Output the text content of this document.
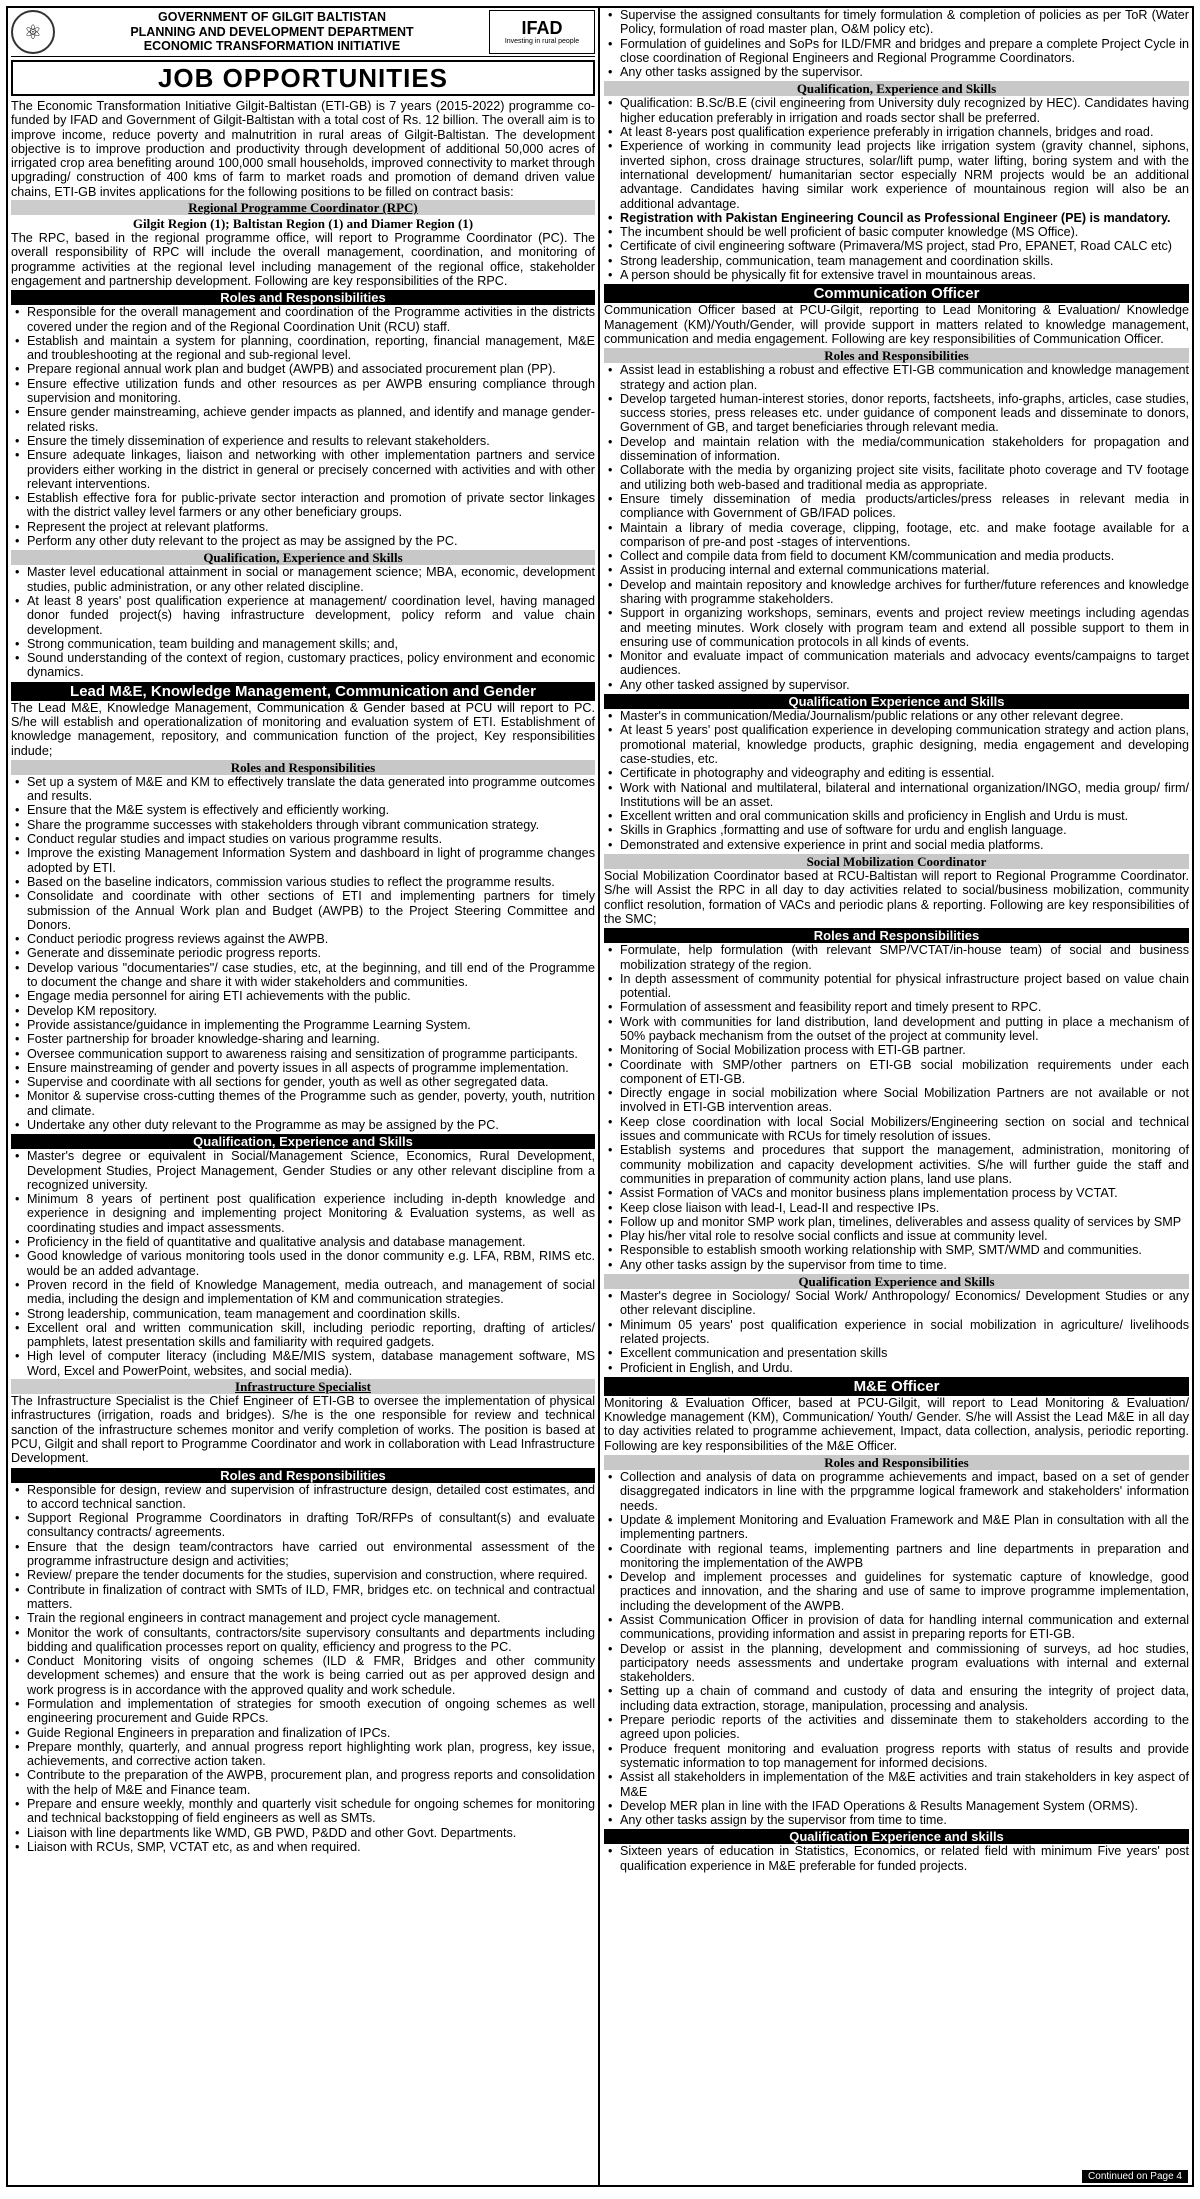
⚛
GOVERNMENT OF GILGIT BALTISTAN
PLANNING AND DEVELOPMENT DEPARTMENT
ECONOMIC TRANSFORMATION INITIATIVE
IFAD
Investing in rural people
JOB OPPORTUNITIES

The Economic Transformation Initiative Gilgit-Baltistan (ETI-GB) is 7 years (2015-2022) programme co-funded by IFAD and Government of Gilgit-Baltistan with a total cost of Rs. 12 billion. The overall aim is to improve income, reduce poverty and malnutrition in rural areas of Gilgit-Baltistan. The development objective is to improve production and productivity through development of additional 50,000 acres of irrigated crop area benefiting around 100,000 small households, improved connectivity to market through upgrading/ construction of 400 kms of farm to market roads and promotion of demand driven value chains, ETI-GB invites applications for the following positions to be filled on contract basis:

Regional Programme Coordinator (RPC)
Gilgit Region (1); Baltistan Region (1) and Diamer Region (1)

The RPC, based in the regional programme office, will report to Programme Coordinator (PC). The overall responsibility of RPC will include the overall management, coordination, and monitoring of programme activities at the regional level including management of the regional office, stakeholder engagement and partnership development. Following are key responsibilities of the RPC.

Roles and Responsibilities
• Responsible for the overall management and coordination of the Programme activities in the districts covered under the region and of the Regional Coordination Unit (RCU) staff.
• Establish and maintain a system for planning, coordination, reporting, financial management, M&E and troubleshooting at the regional and sub-regional level.
• Prepare regional annual work plan and budget (AWPB) and associated procurement plan (PP).
• Ensure effective utilization funds and other resources as per AWPB ensuring compliance through supervision and monitoring.
• Ensure gender mainstreaming, achieve gender impacts as planned, and identify and manage gender-related risks.
• Ensure the timely dissemination of experience and results to relevant stakeholders.
• Ensure adequate linkages, liaison and networking with other implementation partners and service providers either working in the district in general or precisely concerned with activities and with other relevant interventions.
• Establish effective fora for public-private sector interaction and promotion of private sector linkages with the district valley level farmers or any other beneficiary groups.
• Represent the project at relevant platforms.
• Perform any other duty relevant to the project as may be assigned by the PC.
Qualification, Experience and Skills
• Master level educational attainment in social or management science; MBA, economic, development studies, public administration, or any other related discipline.
• At least 8 years' post qualification experience at management/ coordination level, having managed donor funded project(s) having infrastructure development, policy reform and value chain development.
• Strong communication, team building and management skills; and,
• Sound understanding of the context of region, customary practices, policy environment and economic dynamics.
Lead M&E, Knowledge Management, Communication and Gender

The Lead M&E, Knowledge Management, Communication & Gender based at PCU will report to PC. S/he will establish and operationalization of monitoring and evaluation system of ETI. Establishment of knowledge management, repository, and communication function of the project, Key responsibilities indude;

Roles and Responsibilities
• Set up a system of M&E and KM to effectively translate the data generated into programme outcomes and results.
• Ensure that the M&E system is effectively and efficiently working.
• Share the programme successes with stakeholders through vibrant communication strategy.
• Conduct regular studies and impact studies on various programme results.
• Improve the existing Management Information System and dashboard in light of programme changes adopted by ETI.
• Based on the baseline indicators, commission various studies to reflect the programme results.
• Consolidate and coordinate with other sections of ETI and implementing partners for timely submission of the Annual Work plan and Budget (AWPB) to the Project Steering Committee and Donors.
• Conduct periodic progress reviews against the AWPB.
• Generate and disseminate periodic progress reports.
• Develop various "documentaries"/ case studies, etc, at the beginning, and till end of the Programme to document the change and share it with wider stakeholders and communities.
• Engage media personnel for airing ETI achievements with the public.
• Develop KM repository.
• Provide assistance/guidance in implementing the Programme Learning System.
• Foster partnership for broader knowledge-sharing and learning.
• Oversee communication support to awareness raising and sensitization of programme participants.
• Ensure mainstreaming of gender and poverty issues in all aspects of programme implementation.
• Supervise and coordinate with all sections for gender, youth as well as other segregated data.
• Monitor & supervise cross-cutting themes of the Programme such as gender, poverty, youth, nutrition and climate.
• Undertake any other duty relevant to the Programme as may be assigned by the PC.
Qualification, Experience and Skills
• Master's degree or equivalent in Social/Management Science, Economics, Rural Development, Development Studies, Project Management, Gender Studies or any other relevant discipline from a recognized university.
• Minimum 8 years of pertinent post qualification experience including in-depth knowledge and experience in designing and implementing project Monitoring & Evaluation systems, as well as coordinating studies and impact assessments.
• Proficiency in the field of quantitative and qualitative analysis and database management.
• Good knowledge of various monitoring tools used in the donor community e.g. LFA, RBM, RIMS etc. would be an added advantage.
• Proven record in the field of Knowledge Management, media outreach, and management of social media, including the design and implementation of KM and communication strategies.
• Strong leadership, communication, team management and coordination skills.
• Excellent oral and written communication skill, including periodic reporting, drafting of articles/ pamphlets, latest presentation skills and familiarity with required gadgets.
• High level of computer literacy (including M&E/MIS system, database management software, MS Word, Excel and PowerPoint, websites, and social media).
Infrastructure Specialist

The Infrastructure Specialist is the Chief Engineer of ETI-GB to oversee the implementation of physical infrastructures (irrigation, roads and bridges). S/he is the one responsible for review and technical sanction of the infrastructure schemes monitor and verify completion of works. The position is based at PCU, Gilgit and shall report to Programme Coordinator and work in collaboration with Lead Infrastructure Development.

Roles and Responsibilities
• Responsible for design, review and supervision of infrastructure design, detailed cost estimates, and to accord technical sanction.
• Support Regional Programme Coordinators in drafting ToR/RFPs of consultant(s) and evaluate consultancy contracts/ agreements.
• Ensure that the design team/contractors have carried out environmental assessment of the programme infrastructure design and activities;
• Review/ prepare the tender documents for the studies, supervision and construction, where required.
• Contribute in finalization of contract with SMTs of ILD, FMR, bridges etc. on technical and contractual matters.
• Train the regional engineers in contract management and project cycle management.
• Monitor the work of consultants, contractors/site supervisory consultants and departments including bidding and qualification processes report on quality, efficiency and progress to the PC.
• Conduct Monitoring visits of ongoing schemes (ILD & FMR, Bridges and other community development schemes) and ensure that the work is being carried out as per approved design and work progress is in accordance with the approved quality and work schedule.
• Formulation and implementation of strategies for smooth execution of ongoing schemes as well engineering procurement and Guide RPCs.
• Guide Regional Engineers in preparation and finalization of IPCs.
• Prepare monthly, quarterly, and annual progress report highlighting work plan, progress, key issue, achievements, and corrective action taken.
• Contribute to the preparation of the AWPB, procurement plan, and progress reports and consolidation with the help of M&E and Finance team.
• Prepare and ensure weekly, monthly and quarterly visit schedule for ongoing schemes for monitoring and technical backstopping of field engineers as well as SMTs.
• Liaison with line departments like WMD, GB PWD, P&DD and other Govt. Departments.
• Liaison with RCUs, SMP, VCTAT etc, as and when required.
• Supervise the assigned consultants for timely formulation & completion of policies as per ToR (Water Policy, formulation of road master plan, O&M policy etc).
• Formulation of guidelines and SoPs for ILD/FMR and bridges and prepare a complete Project Cycle in close coordination of Regional Engineers and Regional Programme Coordinators.
• Any other tasks assigned by the supervisor.
Qualification, Experience and Skills
• Qualification: B.Sc/B.E (civil engineering from University duly recognized by HEC). Candidates having higher education preferably in irrigation and roads sector shall be preferred.
• At least 8-years post qualification experience preferably in irrigation channels, bridges and road.
• Experience of working in community lead projects like irrigation system (gravity channel, siphons, inverted siphon, cross drainage structures, solar/lift pump, water lifting, boring system and with the international development/ humanitarian sector especially NRM projects would be an additional advantage. Candidates having similar work experience of mountainous region will also be an additional advantage.
• Registration with Pakistan Engineering Council as Professional Engineer (PE) is mandatory.
• The incumbent should be well proficient of basic computer knowledge (MS Office).
• Certificate of civil engineering software (Primavera/MS project, stad Pro, EPANET, Road CALC etc)
• Strong leadership, communication, team management and coordination skills.
• A person should be physically fit for extensive travel in mountainous areas.
Communication Officer

Communication Officer based at PCU-Gilgit, reporting to Lead Monitoring & Evaluation/ Knowledge Management (KM)/Youth/Gender, will provide support in matters related to knowledge management, communication and media engagement. Following are key responsibilities of Communication Officer.

Roles and Responsibilities
• Assist lead in establishing a robust and effective ETI-GB communication and knowledge management strategy and action plan.
• Develop targeted human-interest stories, donor reports, factsheets, info-graphs, articles, case studies, success stories, press releases etc. under guidance of component leads and disseminate to donors, Government of GB, and target beneficiaries through relevant media.
• Develop and maintain relation with the media/communication stakeholders for propagation and dissemination of information.
• Collaborate with the media by organizing project site visits, facilitate photo coverage and TV footage and utilizing both web-based and traditional media as appropriate.
• Ensure timely dissemination of media products/articles/press releases in relevant media in compliance with Government of GB/IFAD polices.
• Maintain a library of media coverage, clipping, footage, etc. and make footage available for a comparison of pre-and post -stages of interventions.
• Collect and compile data from field to document KM/communication and media products.
• Assist in producing internal and external communications material.
• Develop and maintain repository and knowledge archives for further/future references and knowledge sharing with programme stakeholders.
• Support in organizing workshops, seminars, events and project review meetings including agendas and meeting minutes. Work closely with program team and extend all possible support to them in ensuring use of communication protocols in all kinds of events.
• Monitor and evaluate impact of communication materials and advocacy events/campaigns to target audiences.
• Any other tasked assigned by supervisor.
Qualification Experience and Skills
• Master's in communication/Media/Journalism/public relations or any other relevant degree.
• At least 5 years' post qualification experience in developing communication strategy and action plans, promotional material, knowledge products, graphic designing, media engagement and developing case-studies, etc.
• Certificate in photography and videography and editing is essential.
• Work with National and multilateral, bilateral and international organization/INGO, media group/ firm/ Institutions will be an asset.
• Excellent written and oral communication skills and proficiency in English and Urdu is must.
• Skills in Graphics ,formatting and use of software for urdu and english language.
• Demonstrated and extensive experience in print and social media platforms.
Social Mobilization Coordinator

Social Mobilization Coordinator based at RCU-Baltistan will report to Regional Programme Coordinator. S/he will Assist the RPC in all day to day activities related to social/business mobilization, community conflict resolution, formation of VACs and periodic plans & reporting. Following are key responsibilities of the SMC;

Roles and Responsibilities
• Formulate, help formulation (with relevant SMP/VCTAT/in-house team) of social and business mobilization strategy of the region.
• In depth assessment of community potential for physical infrastructure project based on value chain potential.
• Formulation of assessment and feasibility report and timely present to RPC.
• Work with communities for land distribution, land development and putting in place a mechanism of 50% payback mechanism from the outset of the project at community level.
• Monitoring of Social Mobilization process with ETI-GB partner.
• Coordinate with SMP/other partners on ETI-GB social mobilization requirements under each component of ETI-GB.
• Directly engage in social mobilization where Social Mobilization Partners are not available or not involved in ETI-GB intervention areas.
• Keep close coordination with local Social Mobilizers/Engineering section on social and technical issues and communicate with RCUs for timely resolution of issues.
• Establish systems and procedures that support the management, administration, monitoring of community mobilization and capacity development activities. S/he will further guide the staff and communities in preparation of community action plans, land use plans.
• Assist Formation of VACs and monitor business plans implementation process by VCTAT.
• Keep close liaison with lead-I, Lead-II and respective IPs.
• Follow up and monitor SMP work plan, timelines, deliverables and assess quality of services by SMP
• Play his/her vital role to resolve social conflicts and issue at community level.
• Responsible to establish smooth working relationship with SMP, SMT/WMD and communities.
• Any other tasks assign by the supervisor from time to time.
Qualification Experience and Skills
• Master's degree in Sociology/ Social Work/ Anthropology/ Economics/ Development Studies or any other relevant discipline.
• Minimum 05 years' post qualification experience in social mobilization in agriculture/ livelihoods related projects.
• Excellent communication and presentation skills
• Proficient in English, and Urdu.
M&E Officer

Monitoring & Evaluation Officer, based at PCU-Gilgit, will report to Lead Monitoring & Evaluation/ Knowledge management (KM), Communication/ Youth/ Gender. S/he will Assist the Lead M&E in all day to day activities related to programme achievement, Impact, data collection, analysis, periodic reporting. Following are key responsibilities of the M&E Officer.

Roles and Responsibilities
• Collection and analysis of data on programme achievements and impact, based on a set of gender disaggregated indicators in line with the prpgramme logical framework and stakeholders' information needs.
• Update & implement Monitoring and Evaluation Framework and M&E Plan in consultation with all the implementing partners.
• Coordinate with regional teams, implementing partners and line departments in preparation and monitoring the implementation of the AWPB
• Develop and implement processes and guidelines for systematic capture of knowledge, good practices and innovation, and the sharing and use of same to improve programme implementation, including the development of the AWPB.
• Assist Communication Officer in provision of data for handling internal communication and external communications, providing information and assist in preparing reports for ETI-GB.
• Develop or assist in the planning, development and commissioning of surveys, ad hoc studies, participatory needs assessments and undertake program evaluations with internal and external stakeholders.
• Setting up a chain of command and custody of data and ensuring the integrity of project data, including data extraction, storage, manipulation, processing and analysis.
• Prepare periodic reports of the activities and disseminate them to stakeholders according to the agreed upon policies.
• Produce frequent monitoring and evaluation progress reports with status of results and provide systematic information to top management for informed decisions.
• Assist all stakeholders in implementation of the M&E activities and train stakeholders in key aspect of M&E
• Develop MER plan in line with the IFAD Operations & Results Management System (ORMS).
• Any other tasks assign by the supervisor from time to time.
Qualification Experience and skills
• Sixteen years of education in Statistics, Economics, or related field with minimum Five years' post qualification experience in M&E preferable for funded projects.
Continued on Page 4
